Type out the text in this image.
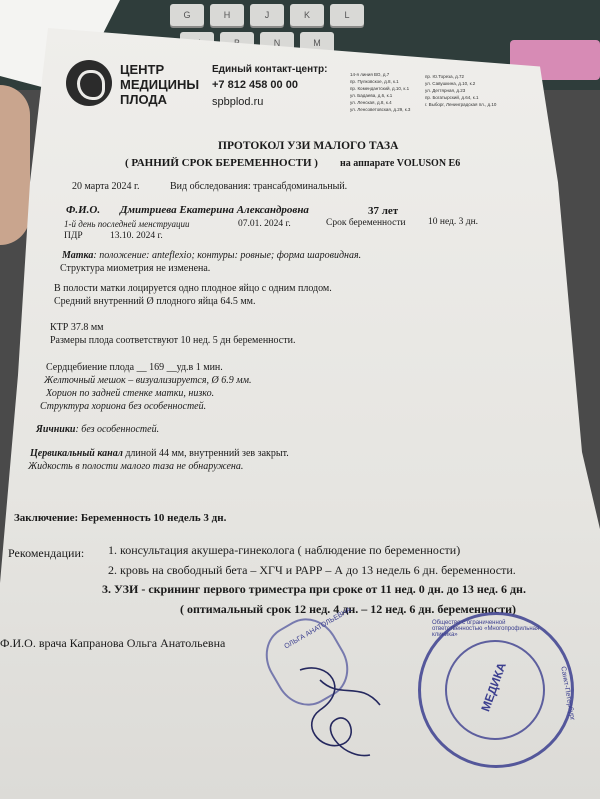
G	H	J	K	L
N	M
ЦЕНТР
МЕДИЦИНЫ
ПЛОДА
Единый контакт-центр:
+7 812 458 00 00
spbplod.ru
14-я линия ВО, д.7
пр. Пулковское, д.8, к.1
пр. Комендантский, д.10, к.1
ул. Бадаева, д.6, к.1
ул. Ленская, д.8, к.4
ул. Ленсоветовская, д.29, к.3
пр. Ю.Тореза, д.72
ул. Савушкина, д.10, к.2
ул. Дегтярная, д.23
пр. Богатырский, д.64, к.1
г. Выборг, Ленинградская пл., д.10
ПРОТОКОЛ УЗИ МАЛОГО ТАЗА
( РАННИЙ СРОК БЕРЕМЕННОСТИ ) на аппарате VOLUSON E6
20 марта 2024 г.	Вид обследования: трансабдоминальный.
Ф.И.О. Дмитриева Екатерина Александровна	37 лет
1-й день последней менструации	07.01. 2024 г.	Срок беременности 10 нед. 3 дн.
ПДР	13.10. 2024 г.
Матка: положение: anteflexio; контуры: ровные; форма шаровидная.
Структура миометрия не изменена.
В полости матки лоцируется одно плодное яйцо с одним плодом.
Средний внутренний Ø плодного яйца 64.5 мм.
КТР 37.8 мм
Размеры плода соответствуют 10 нед. 5 дн беременности.
Сердцебиение плода __ 169 __уд.в 1 мин.
Желточный мешок – визуализируется, Ø 6.9 мм.
Хорион по задней стенке матки, низко.
Структура хориона без особенностей.
Яичники: без особенностей.
Цервикальный канал длиной 44 мм, внутренний зев закрыт.
Жидкость в полости малого таза не обнаружена.
Заключение: Беременность 10 недель 3 дн.
Рекомендации: 1. консультация акушера-гинеколога ( наблюдение по беременности)
2. кровь на свободный бета – ХГЧ и РАРР – А до 13 недель 6 дн. беременности.
3. УЗИ - скрининг первого триместра при сроке от 11 нед. 0 дн. до 13 нед. 6 дн.
( оптимальный срок 12 нед. 4 дн. – 12 нед. 6 дн. беременности)
Ф.И.О. врача Капранова Ольга Анатольевна	ОЛЬГА АНАТОЛЬЕВНА	Общество с ограниченной ответственностью «Многопрофильная клиника»
МЕДИКА	Санкт-Петербург
